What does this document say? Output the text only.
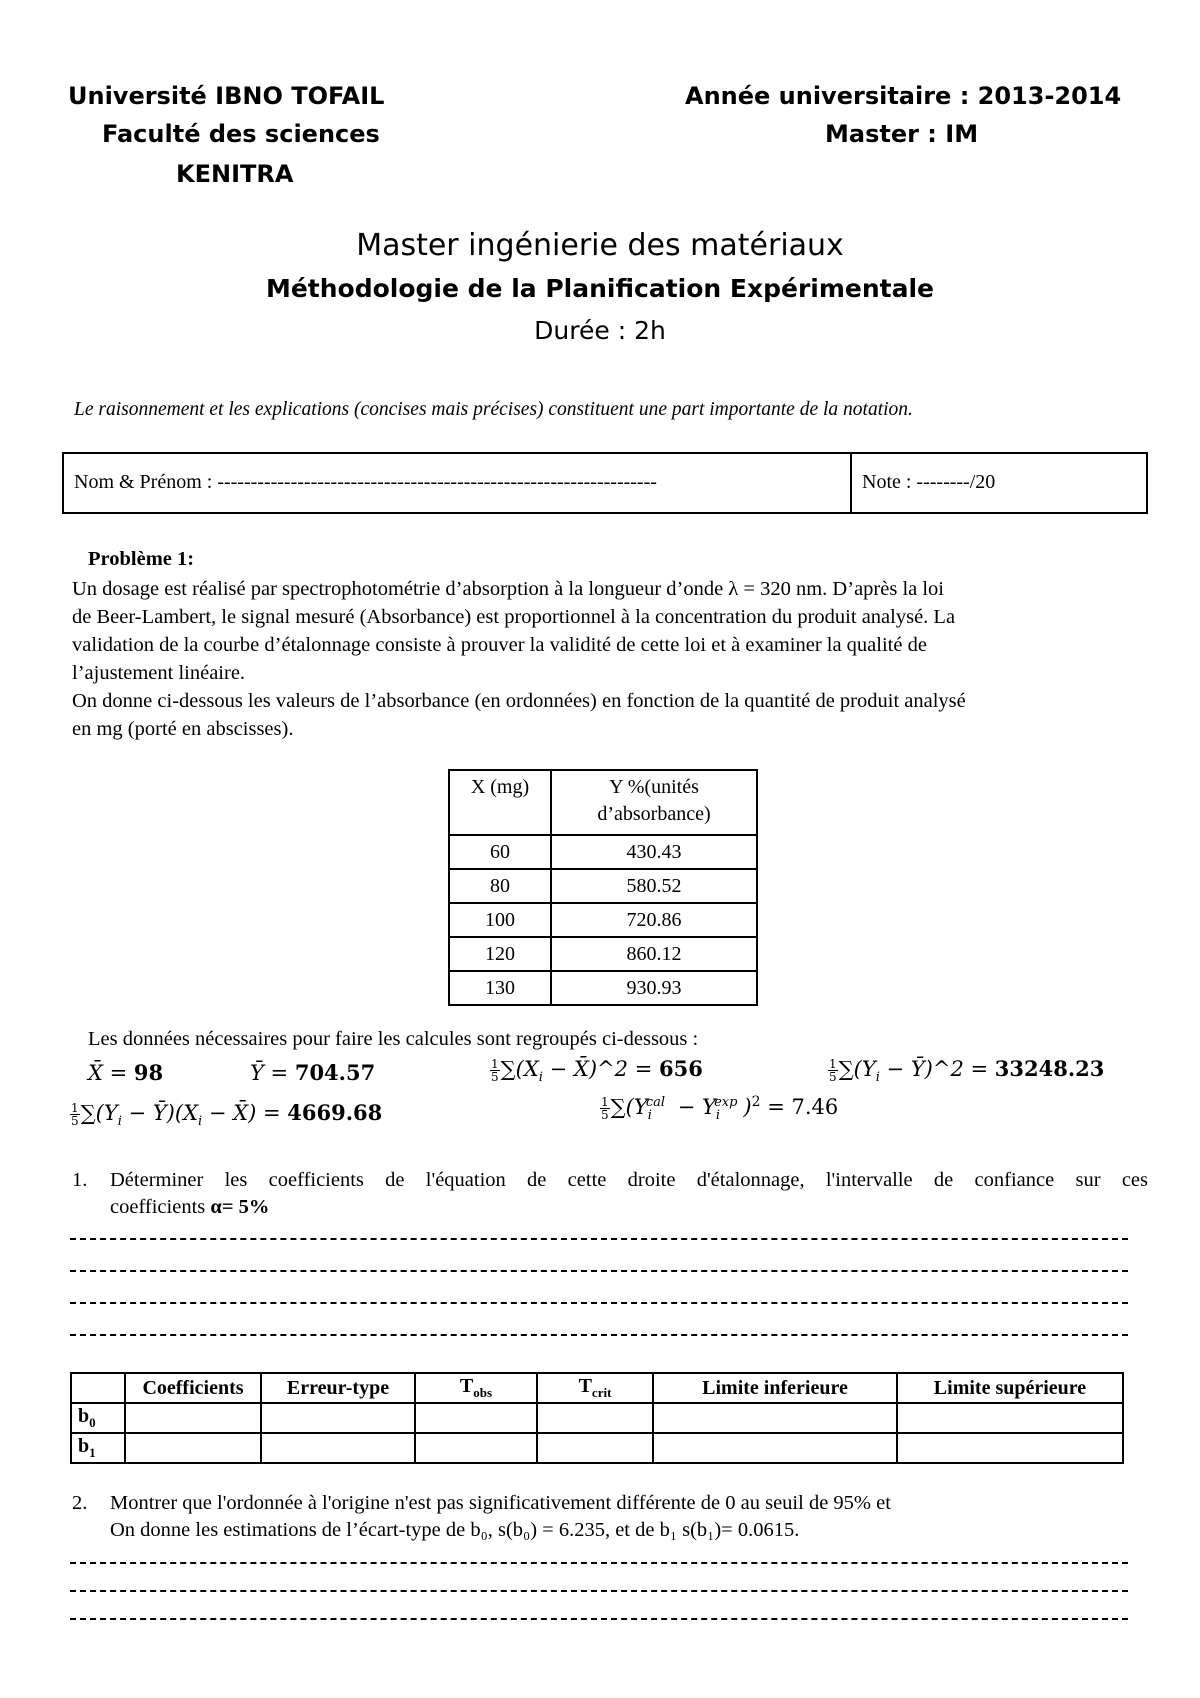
Université IBNO TOFAIL
Faculté des sciences
KENITRA
Année universitaire : 2013-2014
Master : IM
Master ingénierie des matériaux
Méthodologie de la Planification Expérimentale
Durée : 2h
Le raisonnement et les explications (concises mais précises) constituent une part importante de la notation.
Nom & Prénom : ------------------------------------------------------------------	Note : --------/20
Problème 1:
Un dosage est réalisé par spectrophotométrie d’absorption à la longueur d’onde λ = 320 nm. D’après la loi
de Beer-Lambert, le signal mesuré (Absorbance) est proportionnel à la concentration du produit analysé. La
validation de la courbe d’étalonnage consiste à prouver la validité de cette loi et à examiner la qualité de
l’ajustement linéaire.
On donne ci-dessous les valeurs de l’absorbance (en ordonnées) en fonction de la quantité de produit analysé
en mg (porté en abscisses).
X (mg)	Y %(unités
d’absorbance)

60	430.43
80	580.52
100	720.86
120	860.12
130	930.93
Les données nécessaires pour faire les calcules sont regroupés ci-dessous :
X̄ = 98	Ȳ = 704.57	$\frac{1}{5} \sum(X_i$ − X̄)^2 = 656	$\frac{1}{5} \sum(Y_i$ − Ȳ)^2 = 33248.23
$\frac{1}{5} \sum(Y_i$ − $Ȳ)(X_i$ − X̄) = 4669.68	$\frac{1}{5} \sum(Y_i^{cal} - Y_i^{exp}$ )$^2$ = 7.46
1. Déterminer les coefficients de l'équation de cette droite d'étalonnage, l'intervalle de confiance sur ces
coefficients α= 5%
	Coefficients	Erreur-type	$T_{obs}$	$T_{crit}$	Limite inferieure	Limite supérieure
$b_0$						
$b_1$						
2. Montrer que l'ordonnée à l'origine n'est pas significativement différente de 0 au seuil de 95% et
On donne les estimations de l’écart-type de b₀, s(b₀) = 6.235, et de b₁ s(b₁)= 0.0615.
